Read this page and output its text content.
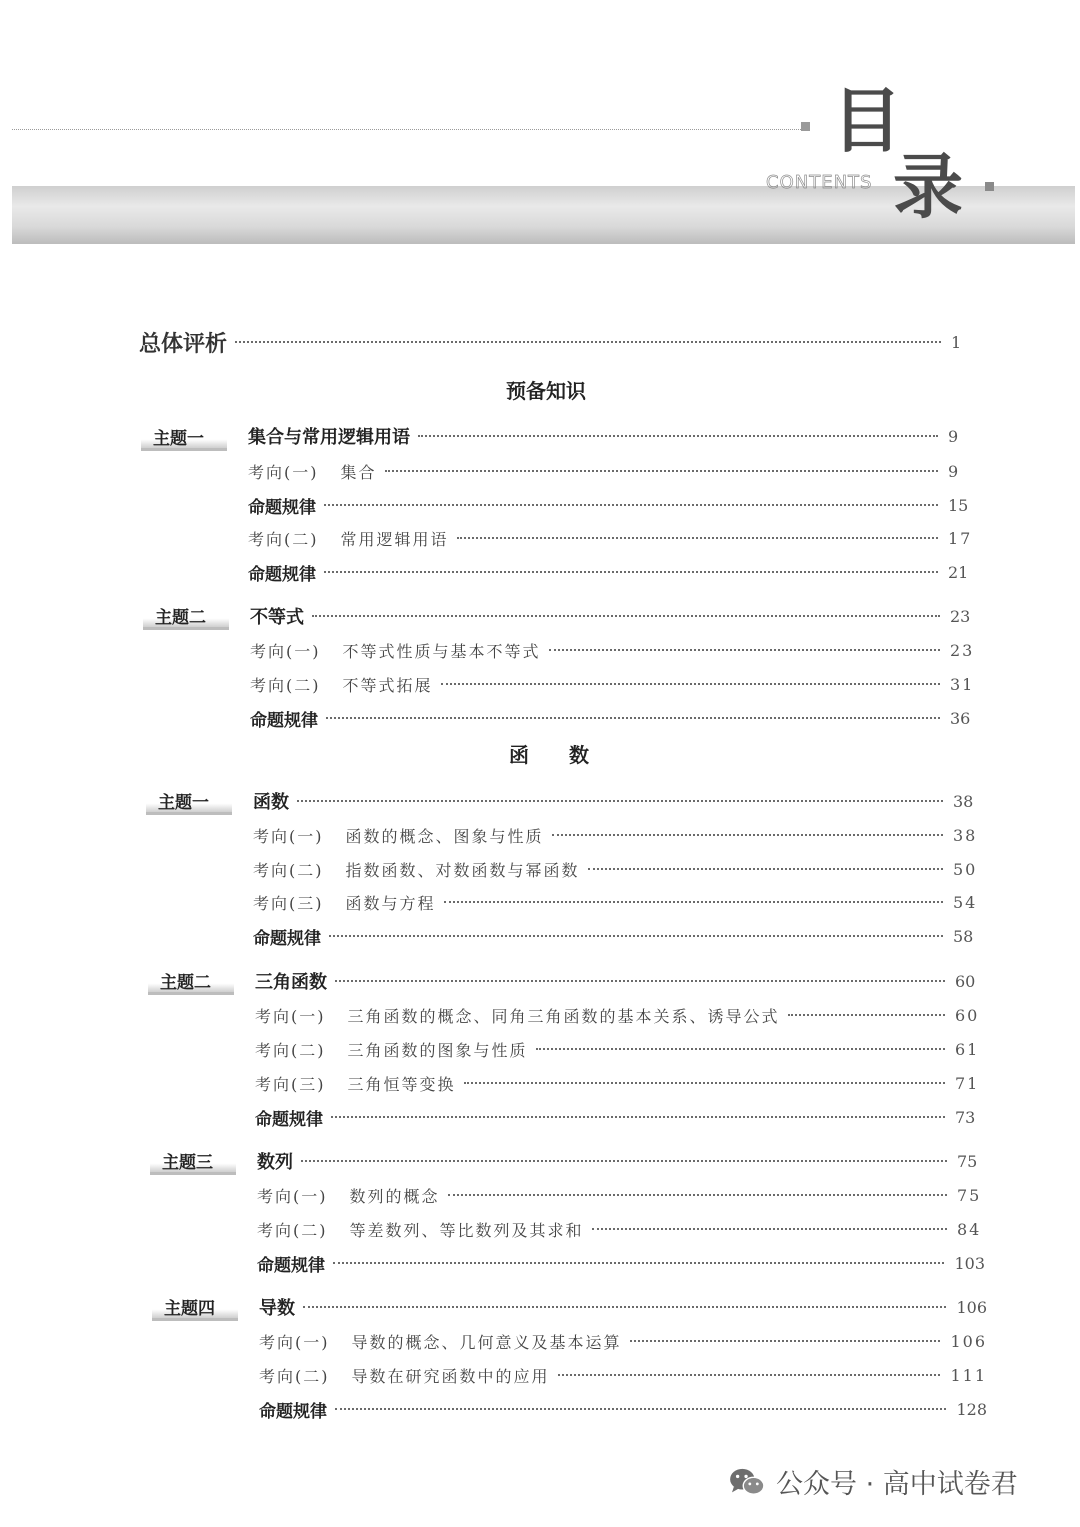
CONTENTS
目
录
总体评析	1
预备知识
主题一	集合与常用逻辑用语	9
考向(一) 集合	9
命题规律	15
考向(二) 常用逻辑用语	17
命题规律	21
主题二	不等式	23
考向(一) 不等式性质与基本不等式	23
考向(二) 不等式拓展	31
命题规律	36
函　　数
主题一	函数	38
考向(一) 函数的概念、图象与性质	38
考向(二) 指数函数、对数函数与幂函数	50
考向(三) 函数与方程	54
命题规律	58
主题二	三角函数	60
考向(一) 三角函数的概念、同角三角函数的基本关系、诱导公式	60
考向(二) 三角函数的图象与性质	61
考向(三) 三角恒等变换	71
命题规律	73
主题三	数列	75
考向(一) 数列的概念	75
考向(二) 等差数列、等比数列及其求和	84
命题规律	103
主题四	导数	106
考向(一) 导数的概念、几何意义及基本运算	106
考向(二) 导数在研究函数中的应用	111
命题规律	128
公众号 · 高中试卷君
